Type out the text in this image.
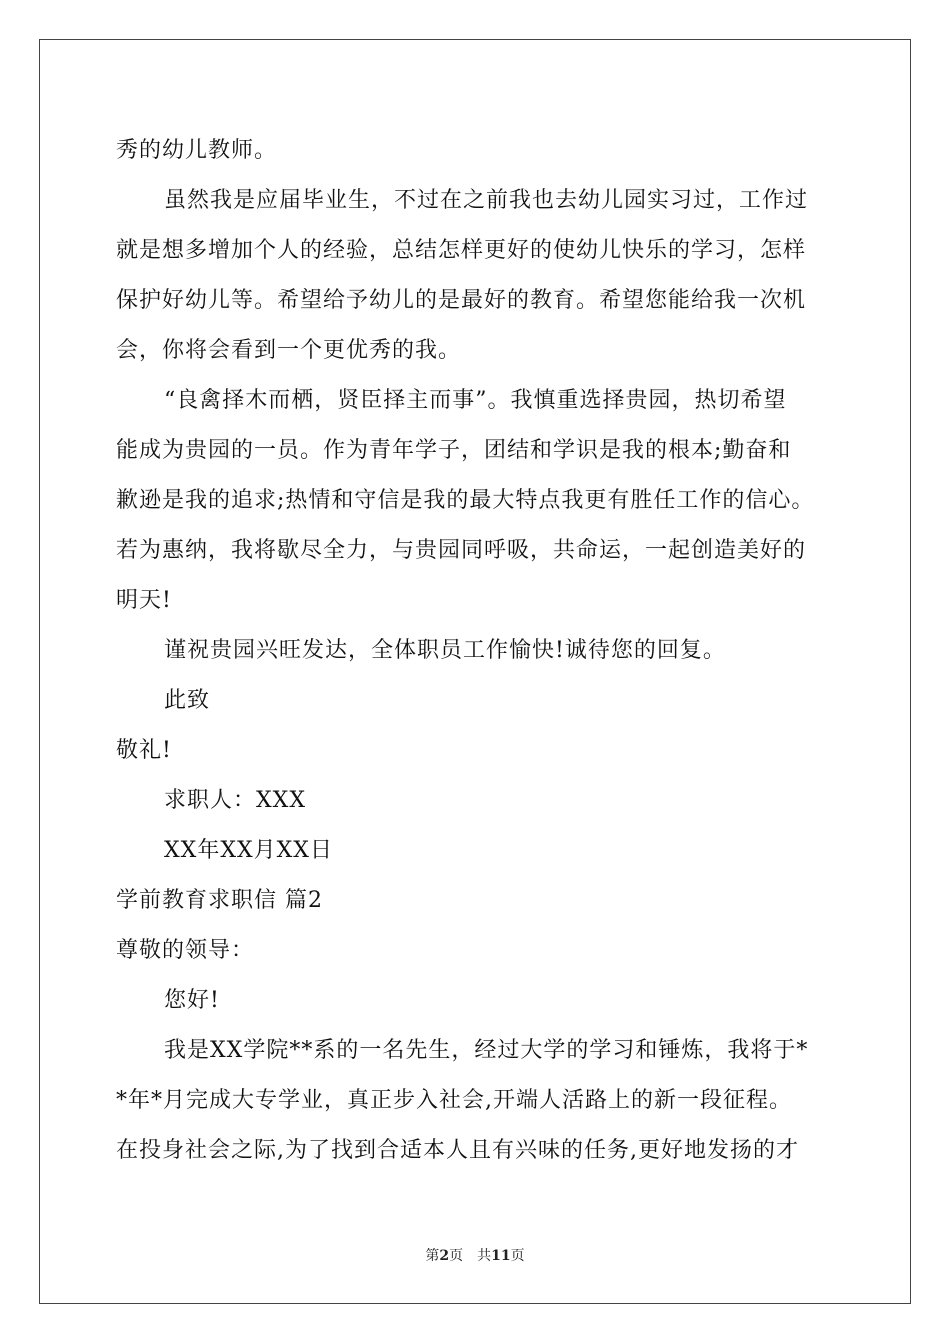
秀的幼儿教师。
虽然我是应届毕业生，不过在之前我也去幼儿园实习过，工作过
就是想多增加个人的经验，总结怎样更好的使幼儿快乐的学习，怎样
保护好幼儿等。希望给予幼儿的是最好的教育。希望您能给我一次机
会，你将会看到一个更优秀的我。
“良禽择木而栖，贤臣择主而事”。我慎重选择贵园，热切希望
能成为贵园的一员。作为青年学子，团结和学识是我的根本;勤奋和
歉逊是我的追求;热情和守信是我的最大特点我更有胜任工作的信心。
若为惠纳，我将歇尽全力，与贵园同呼吸，共命运，一起创造美好的
明天!
谨祝贵园兴旺发达，全体职员工作愉快!诚待您的回复。
此致
敬礼!
求职人：XXX
XX年XX月XX日
学前教育求职信 篇2
尊敬的领导：
您好!
我是XX学院**系的一名先生，经过大学的学习和锤炼，我将于*
*年*月完成大专学业，真正步入社会,开端人活路上的新一段征程。
在投身社会之际,为了找到合适本人且有兴味的任务,更好地发扬的才
第2页 共11页
